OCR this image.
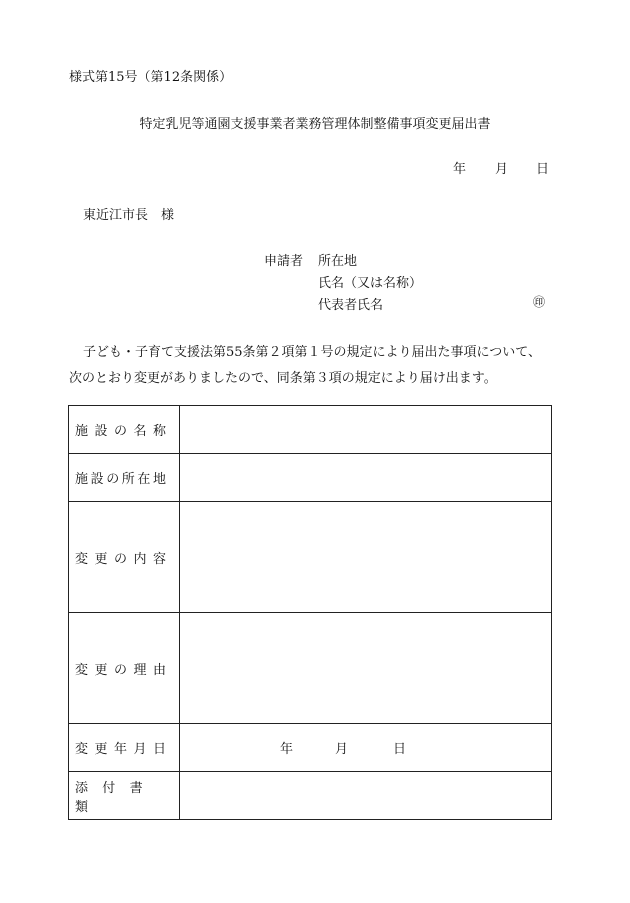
様式第15号（第12条関係）
特定乳児等通園支援事業者業務管理体制整備事項変更届出書
年 月 日
東近江市長　様
申請者 所在地
氏名（又は名称）
代表者氏名	㊞
子ども・子育て支援法第55条第２項第１号の規定により届出た事項について、
次のとおり変更がありましたので、同条第３項の規定により届け出ます。
施設の名称	
施設の所在地	
変更の内容	
変更の理由	
変更年月日	年 月 日
添付書類	
